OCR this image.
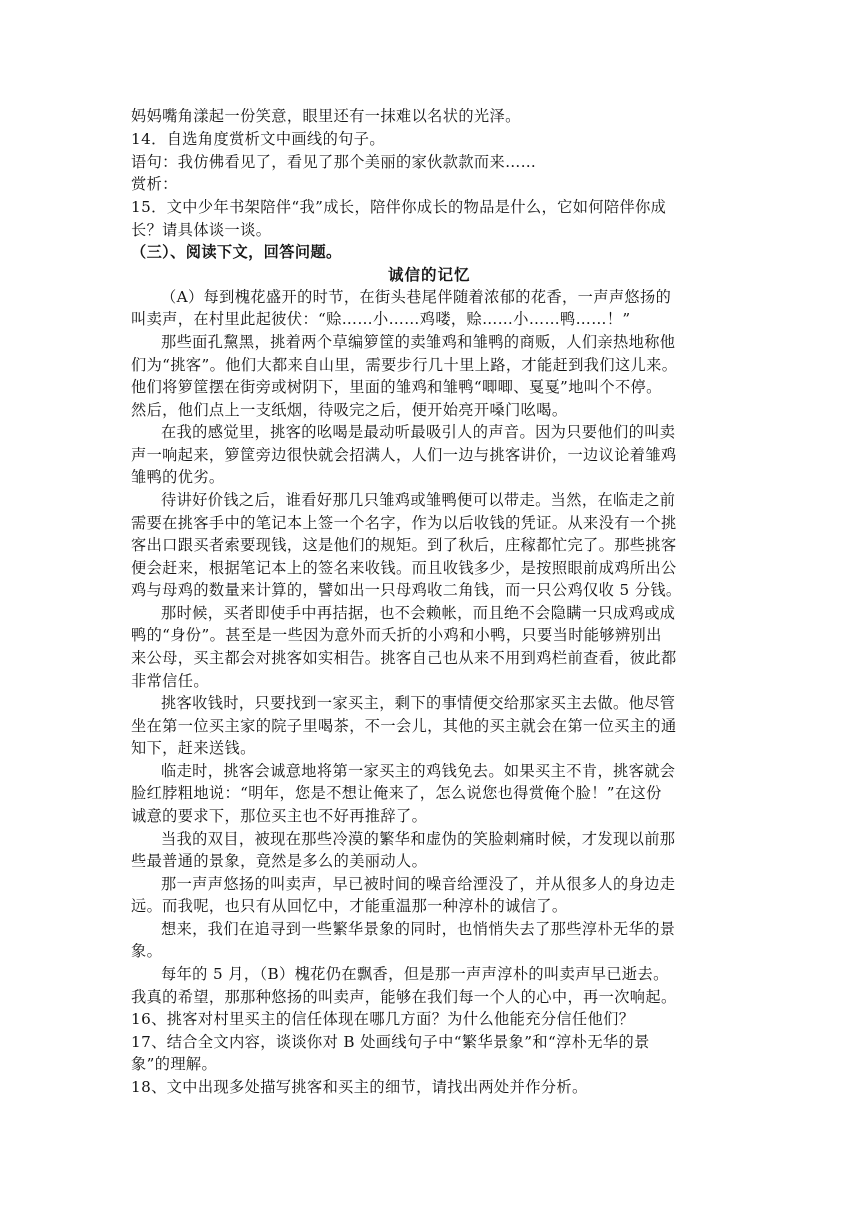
妈妈嘴角漾起一份笑意，眼里还有一抹难以名状的光泽。
14．自选角度赏析文中画线的句子。
语句：我仿佛看见了，看见了那个美丽的家伙款款而来……
赏析：
15．文中少年书架陪伴“我”成长，陪伴你成长的物品是什么，它如何陪伴你成
长？请具体谈一谈。
（三）、阅读下文，回答问题。
诚信的记忆
（A）每到槐花盛开的时节，在街头巷尾伴随着浓郁的花香，一声声悠扬的
叫卖声，在村里此起彼伏：“赊……小……鸡喽，赊……小……鸭……！”
那些面孔黧黑，挑着两个草编箩筐的卖雏鸡和雏鸭的商贩，人们亲热地称他
们为“挑客”。他们大都来自山里，需要步行几十里上路，才能赶到我们这儿来。
他们将箩筐摆在街旁或树阴下，里面的雏鸡和雏鸭“唧唧、戛戛”地叫个不停。
然后，他们点上一支纸烟，待吸完之后，便开始亮开嗓门吆喝。
在我的感觉里，挑客的吆喝是最动听最吸引人的声音。因为只要他们的叫卖
声一响起来，箩筐旁边很快就会招满人，人们一边与挑客讲价，一边议论着雏鸡
雏鸭的优劣。
待讲好价钱之后，谁看好那几只雏鸡或雏鸭便可以带走。当然，在临走之前
需要在挑客手中的笔记本上签一个名字，作为以后收钱的凭证。从来没有一个挑
客出口跟买者索要现钱，这是他们的规矩。到了秋后，庄稼都忙完了。那些挑客
便会赶来，根据笔记本上的签名来收钱。而且收钱多少，是按照眼前成鸡所出公
鸡与母鸡的数量来计算的，譬如出一只母鸡收二角钱，而一只公鸡仅收 5 分钱。
那时候，买者即使手中再拮据，也不会赖帐，而且绝不会隐瞒一只成鸡或成
鸭的“身份”。甚至是一些因为意外而夭折的小鸡和小鸭，只要当时能够辨别出
来公母，买主都会对挑客如实相告。挑客自己也从来不用到鸡栏前查看，彼此都
非常信任。
挑客收钱时，只要找到一家买主，剩下的事情便交给那家买主去做。他尽管
坐在第一位买主家的院子里喝茶，不一会儿，其他的买主就会在第一位买主的通
知下，赶来送钱。
临走时，挑客会诚意地将第一家买主的鸡钱免去。如果买主不肯，挑客就会
脸红脖粗地说：“明年，您是不想让俺来了，怎么说您也得赏俺个脸！”在这份
诚意的要求下，那位买主也不好再推辞了。
当我的双目，被现在那些冷漠的繁华和虚伪的笑脸刺痛时候，才发现以前那
些最普通的景象，竟然是多么的美丽动人。
那一声声悠扬的叫卖声，早已被时间的噪音给湮没了，并从很多人的身边走
远。而我呢，也只有从回忆中，才能重温那一种淳朴的诚信了。
想来，我们在追寻到一些繁华景象的同时，也悄悄失去了那些淳朴无华的景
象。
每年的 5 月，（B）槐花仍在飘香，但是那一声声淳朴的叫卖声早已逝去。
我真的希望，那那种悠扬的叫卖声，能够在我们每一个人的心中，再一次响起。
16、挑客对村里买主的信任体现在哪几方面？为什么他能充分信任他们？
17、结合全文内容，谈谈你对 B 处画线句子中“繁华景象”和“淳朴无华的景
象”的理解。
18、文中出现多处描写挑客和买主的细节，请找出两处并作分析。
